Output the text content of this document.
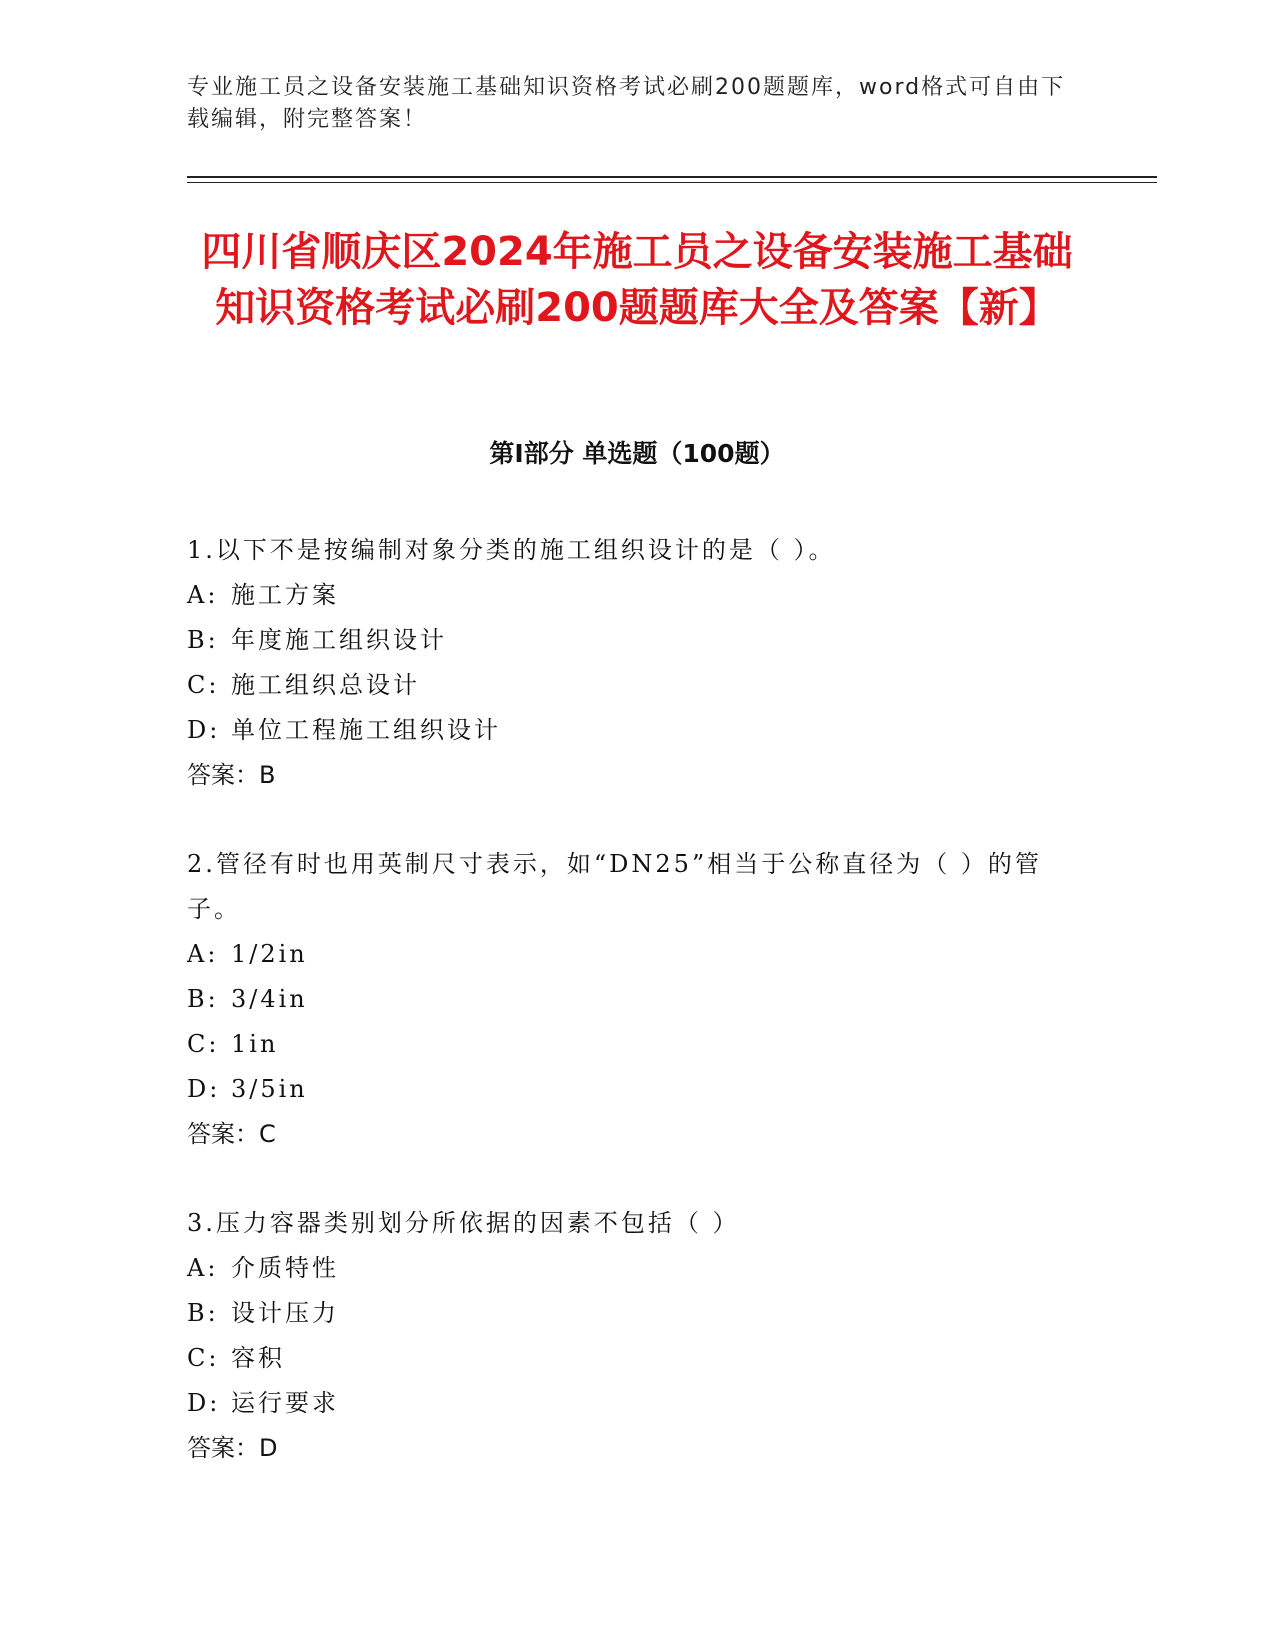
专业施工员之设备安装施工基础知识资格考试必刷200题题库，word格式可自由下载编辑，附完整答案！
四川省顺庆区2024年施工员之设备安装施工基础知识资格考试必刷200题题库大全及答案【新】
第Ⅰ部分 单选题（100题）
1.以下不是按编制对象分类的施工组织设计的是（ ）。
A: 施工方案
B: 年度施工组织设计
C: 施工组织总设计
D: 单位工程施工组织设计
答案：B
2.管径有时也用英制尺寸表示，如“DN25”相当于公称直径为（ ）的管子。
A: 1/2in
B: 3/4in
C: 1in
D: 3/5in
答案：C
3.压力容器类别划分所依据的因素不包括（ ）
A: 介质特性
B: 设计压力
C: 容积
D: 运行要求
答案：D
